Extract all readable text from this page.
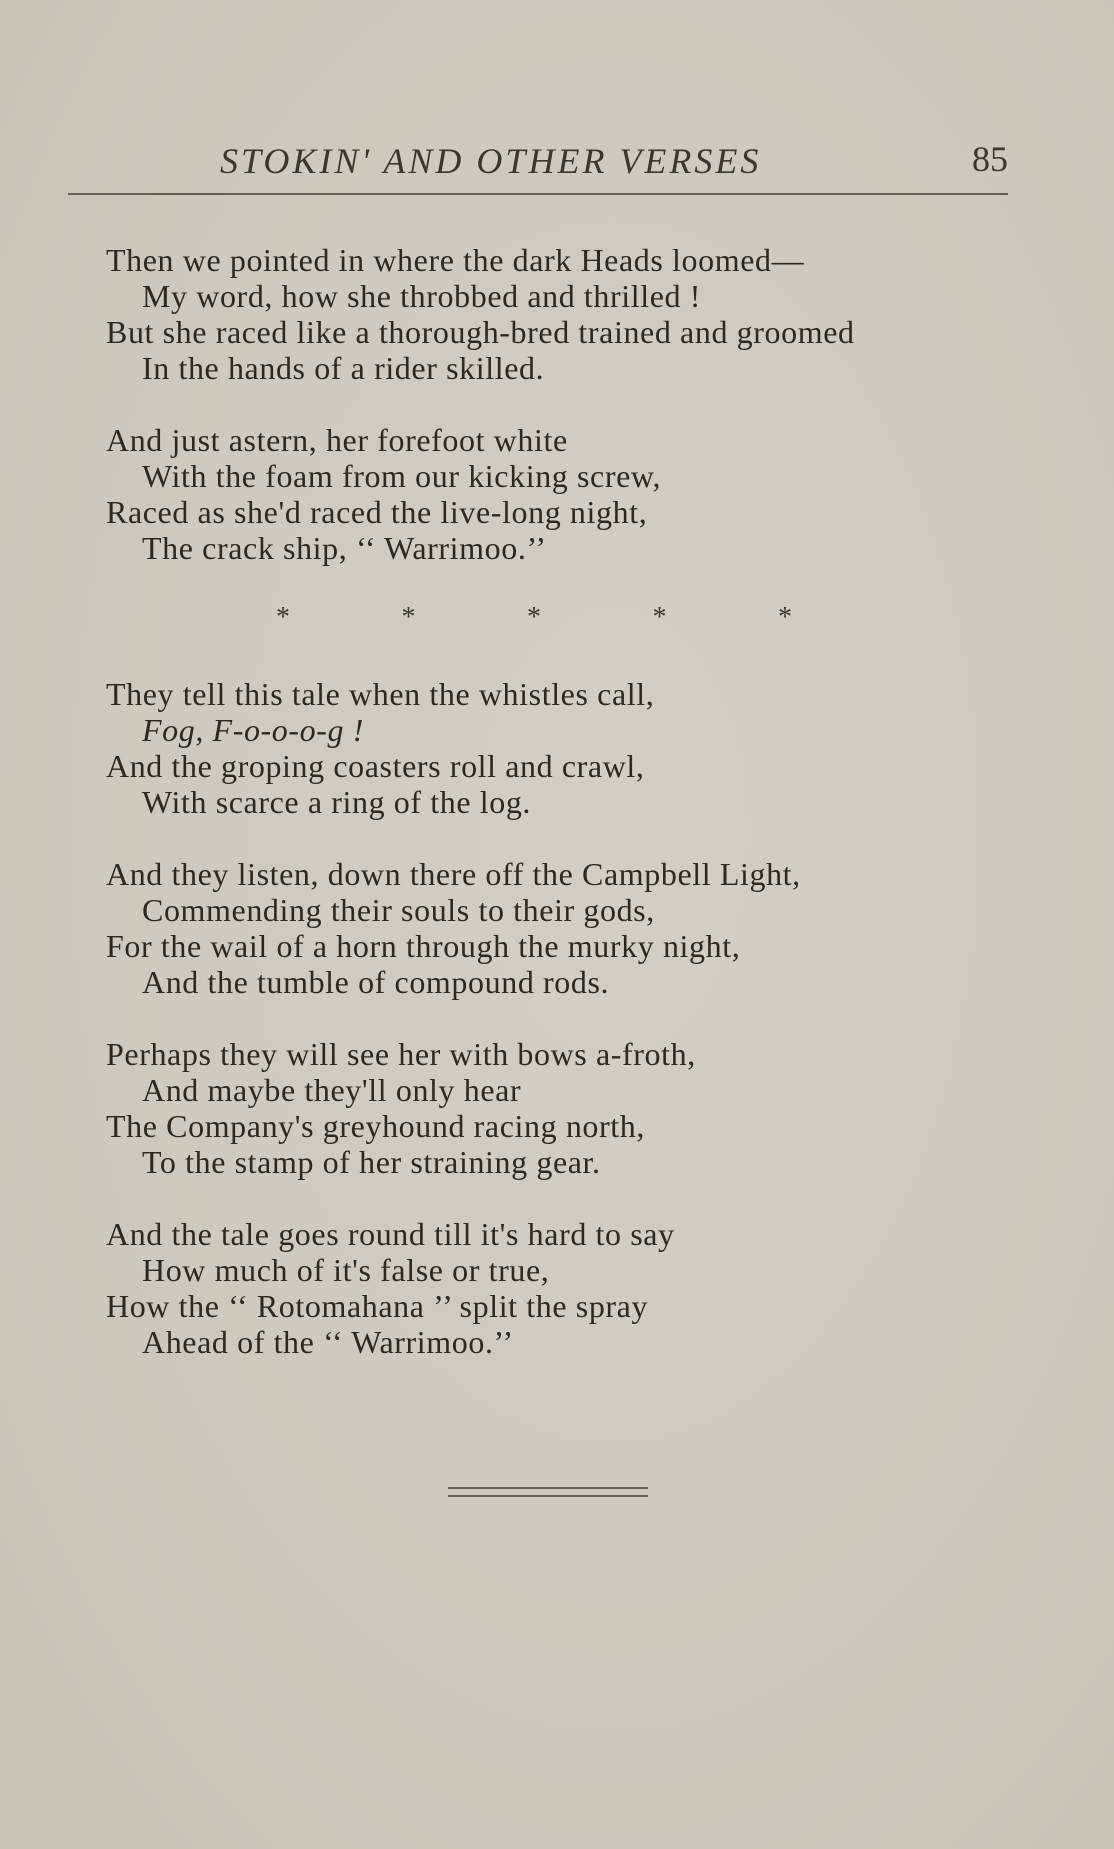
STOKIN' AND OTHER VERSES	85
Then we pointed in where the dark Heads loomed—
My word, how she throbbed and thrilled !
But she raced like a thorough-bred trained and groomed
In the hands of a rider skilled.
And just astern, her forefoot white
With the foam from our kicking screw,
Raced as she'd raced the live-long night,
The crack ship, ‘‘ Warrimoo.’’
*	*	*	*	*
They tell this tale when the whistles call,
Fog, F-o-o-o-g !
And the groping coasters roll and crawl,
With scarce a ring of the log.
And they listen, down there off the Campbell Light,
Commending their souls to their gods,
For the wail of a horn through the murky night,
And the tumble of compound rods.
Perhaps they will see her with bows a-froth,
And maybe they'll only hear
The Company's greyhound racing north,
To the stamp of her straining gear.
And the tale goes round till it's hard to say
How much of it's false or true,
How the ‘‘ Rotomahana ’’ split the spray
Ahead of the ‘‘ Warrimoo.’’
